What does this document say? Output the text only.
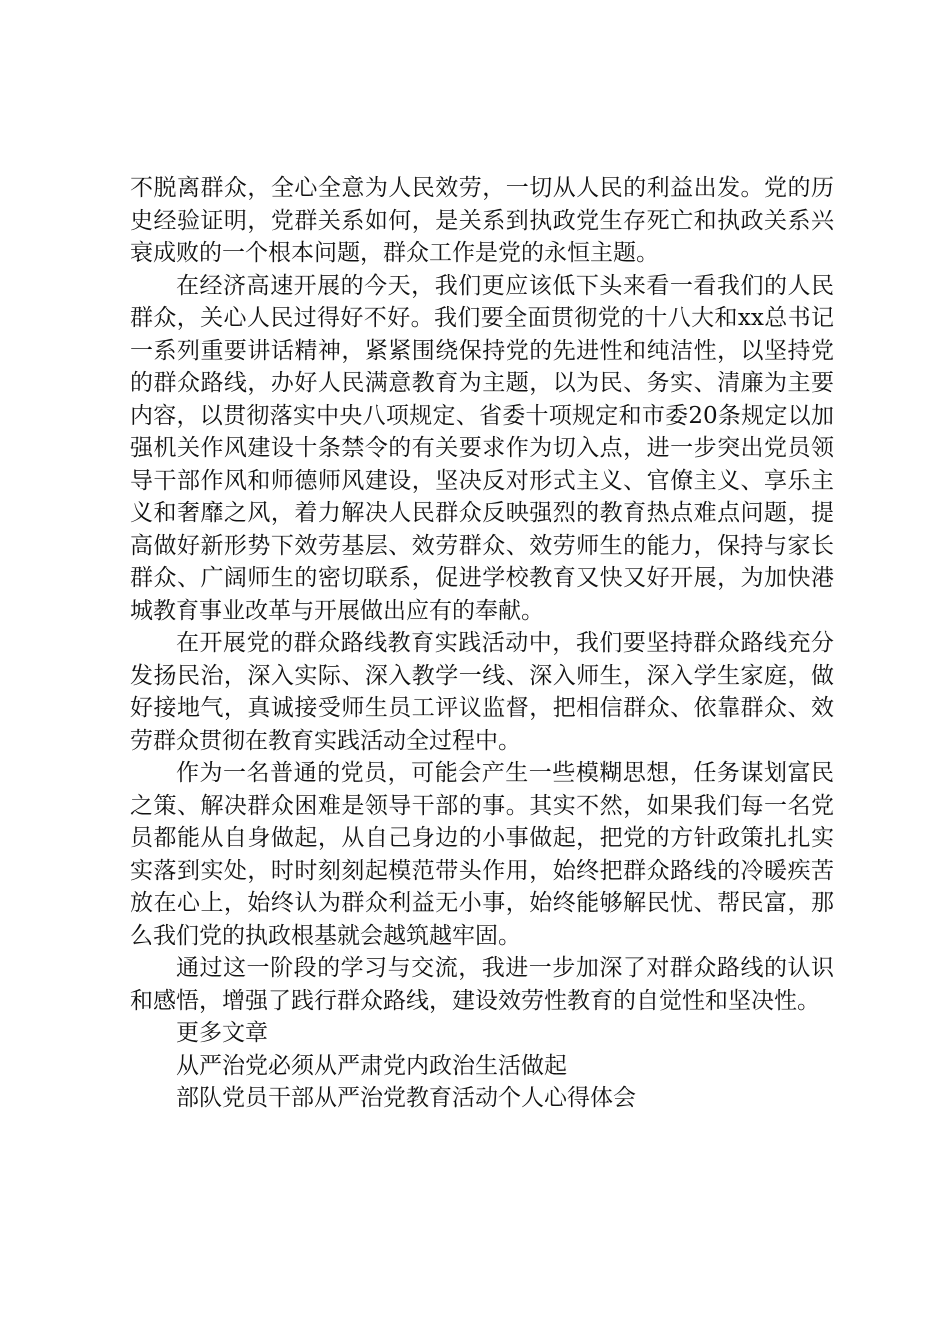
不脱离群众，全心全意为人民效劳，一切从人民的利益出发。党的历史经验证明，党群关系如何，是关系到执政党生存死亡和执政关系兴衰成败的一个根本问题，群众工作是党的永恒主题。

在经济高速开展的今天，我们更应该低下头来看一看我们的人民群众，关心人民过得好不好。我们要全面贯彻党的十八大和xx总书记一系列重要讲话精神，紧紧围绕保持党的先进性和纯洁性，以坚持党的群众路线，办好人民满意教育为主题，以为民、务实、清廉为主要内容，以贯彻落实中央八项规定、省委十项规定和市委20条规定以加强机关作风建设十条禁令的有关要求作为切入点，进一步突出党员领导干部作风和师德师风建设，坚决反对形式主义、官僚主义、享乐主义和奢靡之风，着力解决人民群众反映强烈的教育热点难点问题，提高做好新形势下效劳基层、效劳群众、效劳师生的能力，保持与家长群众、广阔师生的密切联系，促进学校教育又快又好开展，为加快港城教育事业改革与开展做出应有的奉献。

在开展党的群众路线教育实践活动中，我们要坚持群众路线充分发扬民治，深入实际、深入教学一线、深入师生，深入学生家庭，做好接地气，真诚接受师生员工评议监督，把相信群众、依靠群众、效劳群众贯彻在教育实践活动全过程中。

作为一名普通的党员，可能会产生一些模糊思想，任务谋划富民之策、解决群众困难是领导干部的事。其实不然，如果我们每一名党员都能从自身做起，从自己身边的小事做起，把党的方针政策扎扎实实落到实处，时时刻刻起模范带头作用，始终把群众路线的冷暖疾苦放在心上，始终认为群众利益无小事，始终能够解民忧、帮民富，那么我们党的执政根基就会越筑越牢固。

通过这一阶段的学习与交流，我进一步加深了对群众路线的认识和感悟，增强了践行群众路线，建设效劳性教育的自觉性和坚决性。

更多文章

从严治党必须从严肃党内政治生活做起

部队党员干部从严治党教育活动个人心得体会
